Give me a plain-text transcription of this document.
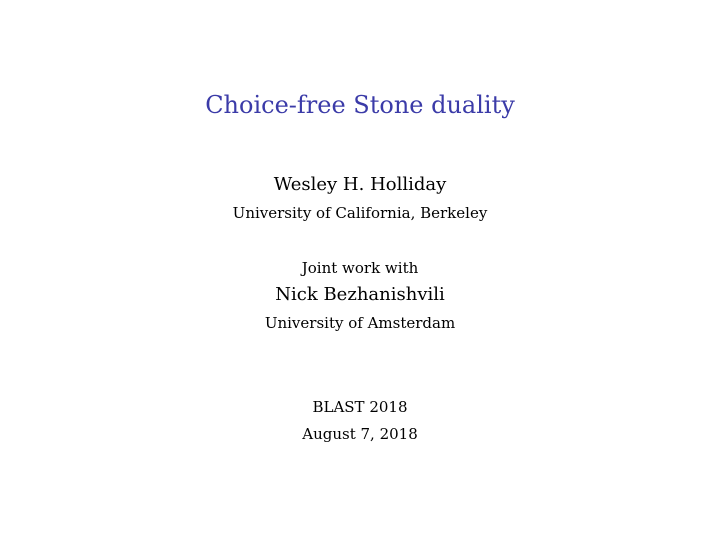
Choice-free Stone duality
Wesley H. Holliday
University of California, Berkeley
Joint work with
Nick Bezhanishvili
University of Amsterdam
BLAST 2018
August 7, 2018
